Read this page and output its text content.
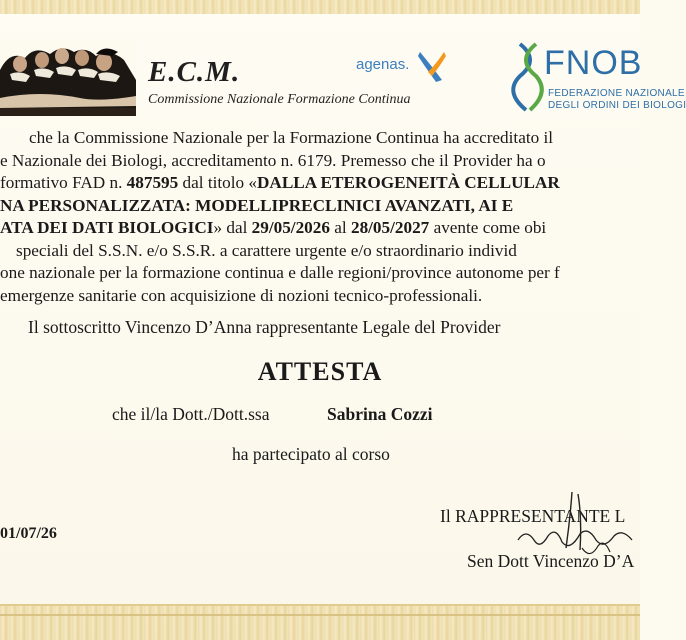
E.C.M.
Commissione Nazionale Formazione Continua
agenas.	FNOB
FEDERAZIONE NAZIONALE
DEGLI ORDINI DEI BIOLOGI
che la Commissione Nazionale per la Formazione Continua ha accreditato il
e Nazionale dei Biologi, accreditamento n. 6179. Premesso che il Provider ha o
formativo FAD n. 487595 dal titolo «DALLA ETEROGENEITÀ CELLULAR
NA PERSONALIZZATA: MODELLIPRECLINICI AVANZATI, AI E
ATA DEI DATI BIOLOGICI» dal 29/05/2026 al 28/05/2027 avente come obi
speciali del S.S.N. e/o S.S.R. a carattere urgente e/o straordinario individ
one nazionale per la formazione continua e dalle regioni/province autonome per f
emergenze sanitarie con acquisizione di nozioni tecnico-professionali.
Il sottoscritto Vincenzo D’Anna rappresentante Legale del Provider
ATTESTA
che il/la Dott./Dott.ssa	Sabrina Cozzi
ha partecipato al corso
01/07/26
Il RAPPRESENTANTE L
Sen Dott Vincenzo D’A
